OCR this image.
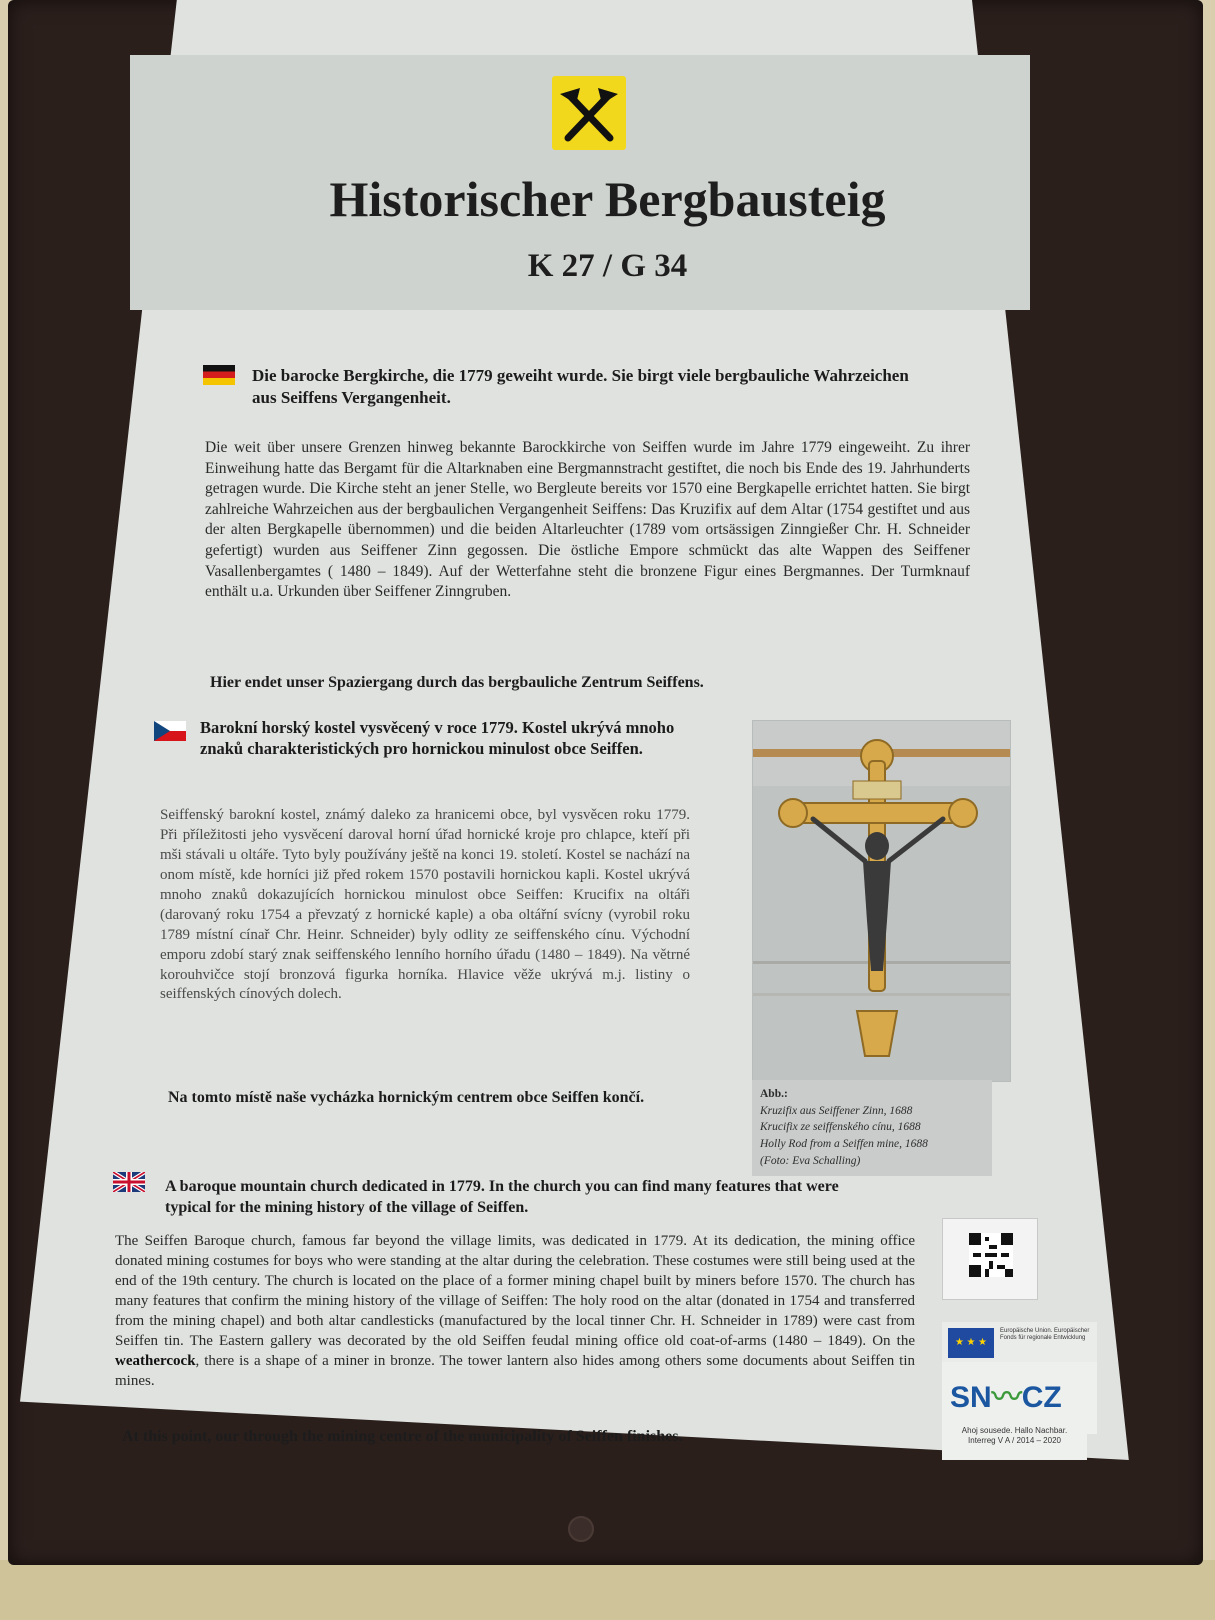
Historischer Bergbausteig
K 27 / G 34
Die barocke Bergkirche, die 1779 geweiht wurde. Sie birgt viele bergbauliche Wahrzeichen aus Seiffens Vergangenheit.
Die weit über unsere Grenzen hinweg bekannte Barockkirche von Seiffen wurde im Jahre 1779 eingeweiht. Zu ihrer Einweihung hatte das Bergamt für die Altarknaben eine Bergmannstracht gestiftet, die noch bis Ende des 19. Jahrhunderts getragen wurde. Die Kirche steht an jener Stelle, wo Bergleute bereits vor 1570 eine Bergkapelle errichtet hatten. Sie birgt zahlreiche Wahrzeichen aus der bergbaulichen Vergangenheit Seiffens: Das Kruzifix auf dem Altar (1754 gestiftet und aus der alten Bergkapelle übernommen) und die beiden Altarleuchter (1789 vom ortsässigen Zinngießer Chr. H. Schneider gefertigt) wurden aus Seiffener Zinn gegossen. Die östliche Empore schmückt das alte Wappen des Seiffener Vasallenbergamtes ( 1480 – 1849). Auf der Wetterfahne steht die bronzene Figur eines Bergmannes. Der Turmknauf enthält u.a. Urkunden über Seiffener Zinngruben.
Hier endet unser Spaziergang durch das bergbauliche Zentrum Seiffens.
Barokní horský kostel vysvěcený v roce 1779. Kostel ukrývá mnoho znaků charakteristických pro hornickou minulost obce Seiffen.
Seiffenský barokní kostel, známý daleko za hranicemi obce, byl vysvěcen roku 1779. Při příležitosti jeho vysvěcení daroval horní úřad hornické kroje pro chlapce, kteří při mši stávali u oltáře. Tyto byly používány ještě na konci 19. století. Kostel se nachází na onom místě, kde horníci již před rokem 1570 postavili hornickou kapli. Kostel ukrývá mnoho znaků dokazujících hornickou minulost obce Seiffen: Krucifix na oltáři (darovaný roku 1754 a převzatý z hornické kaple) a oba oltářní svícny (vyrobil roku 1789 místní cínař Chr. Heinr. Schneider) byly odlity ze seiffenského cínu. Východní emporu zdobí starý znak seiffenského lenního horního úřadu (1480 – 1849). Na větrné korouhvičce stojí bronzová figurka horníka. Hlavice věže ukrývá m.j. listiny o seiffenských cínových dolech.
Na tomto místě naše vycházka hornickým centrem obce Seiffen končí.	Abb.:
Kruzifix aus Seiffener Zinn, 1688
Krucifix ze seiffenského cínu, 1688
Holly Rod from a Seiffen mine, 1688
(Foto: Eva Schalling)
A baroque mountain church dedicated in 1779. In the church you can find many features that were typical for the mining history of the village of Seiffen.
The Seiffen Baroque church, famous far beyond the village limits, was dedicated in 1779. At its dedication, the mining office donated mining costumes for boys who were standing at the altar during the celebration. These costumes were still being used at the end of the 19th century. The church is located on the place of a former mining chapel built by miners before 1570. The church has many features that confirm the mining history of the village of Seiffen: The holy rood on the altar (donated in 1754 and transferred from the mining chapel) and both altar candlesticks (manufactured by the local tinner Chr. H. Schneider in 1789) were cast from Seiffen tin. The Eastern gallery was decorated by the old Seiffen feudal mining office old coat-of-arms (1480 – 1849). On the weathercock, there is a shape of a miner in bronze. The tower lantern also hides among others some documents about Seiffen tin mines.
At this point, our through the mining centre of the municipality of Seiffen finishes.
★ ★ ★
Europäische Union. Europäischer Fonds für regionale Entwicklung
SN〰CZ
Ahoj sousede. Hallo Nachbar.
Interreg V A / 2014 – 2020
